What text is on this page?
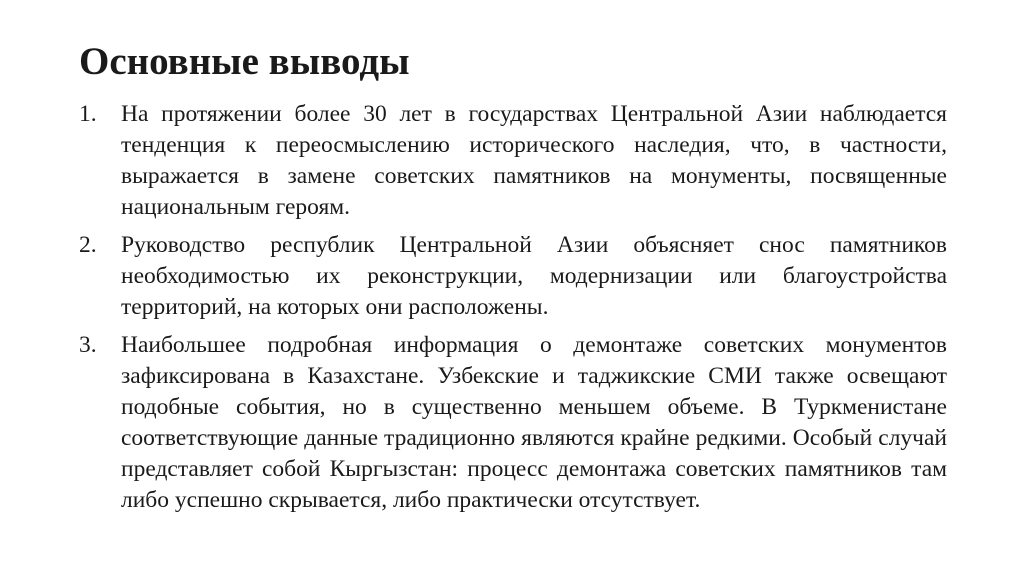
Основные выводы
1.	На протяжении более 30 лет в государствах Центральной Азии наблюдается тенденция к переосмыслению исторического наследия, что, в частности, выражается в замене советских памятников на монументы, посвященные национальным героям.
2.	Руководство республик Центральной Азии объясняет снос памятников необходимостью их реконструкции, модернизации или благоустройства территорий, на которых они расположены.
3.	Наибольшее подробная информация о демонтаже советских монументов зафиксирована в Казахстане. Узбекские и таджикские СМИ также освещают подобные события, но в существенно меньшем объеме. В Туркменистане соответствующие данные традиционно являются крайне редкими. Особый случай представляет собой Кыргызстан: процесс демонтажа советских памятников там либо успешно скрывается, либо практически отсутствует.
